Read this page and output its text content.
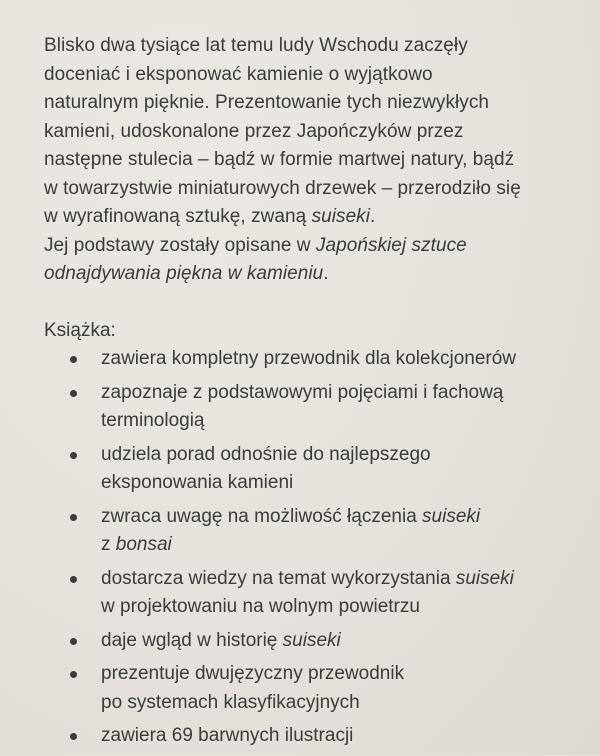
Blisko dwa tysiące lat temu ludy Wschodu zaczęły
doceniać i eksponować kamienie o wyjątkowo
naturalnym pięknie. Prezentowanie tych niezwykłych
kamieni, udoskonalone przez Japończyków przez
następne stulecia – bądź w formie martwej natury, bądź
w towarzystwie miniaturowych drzewek – przerodziło się
w wyrafinowaną sztukę, zwaną suiseki.
Jej podstawy zostały opisane w Japońskiej sztuce
odnajdywania piękna w kamieniu.

Książka:

zawiera kompletny przewodnik dla kolekcjonerów
zapoznaje z podstawowymi pojęciami i fachową
terminologią
udziela porad odnośnie do najlepszego
eksponowania kamieni
zwraca uwagę na możliwość łączenia suiseki
z bonsai
dostarcza wiedzy na temat wykorzystania suiseki
w projektowaniu na wolnym powietrzu
daje wgląd w historię suiseki
prezentuje dwujęzyczny przewodnik
po systemach klasyfikacyjnych
zawiera 69 barwnych ilustracji
